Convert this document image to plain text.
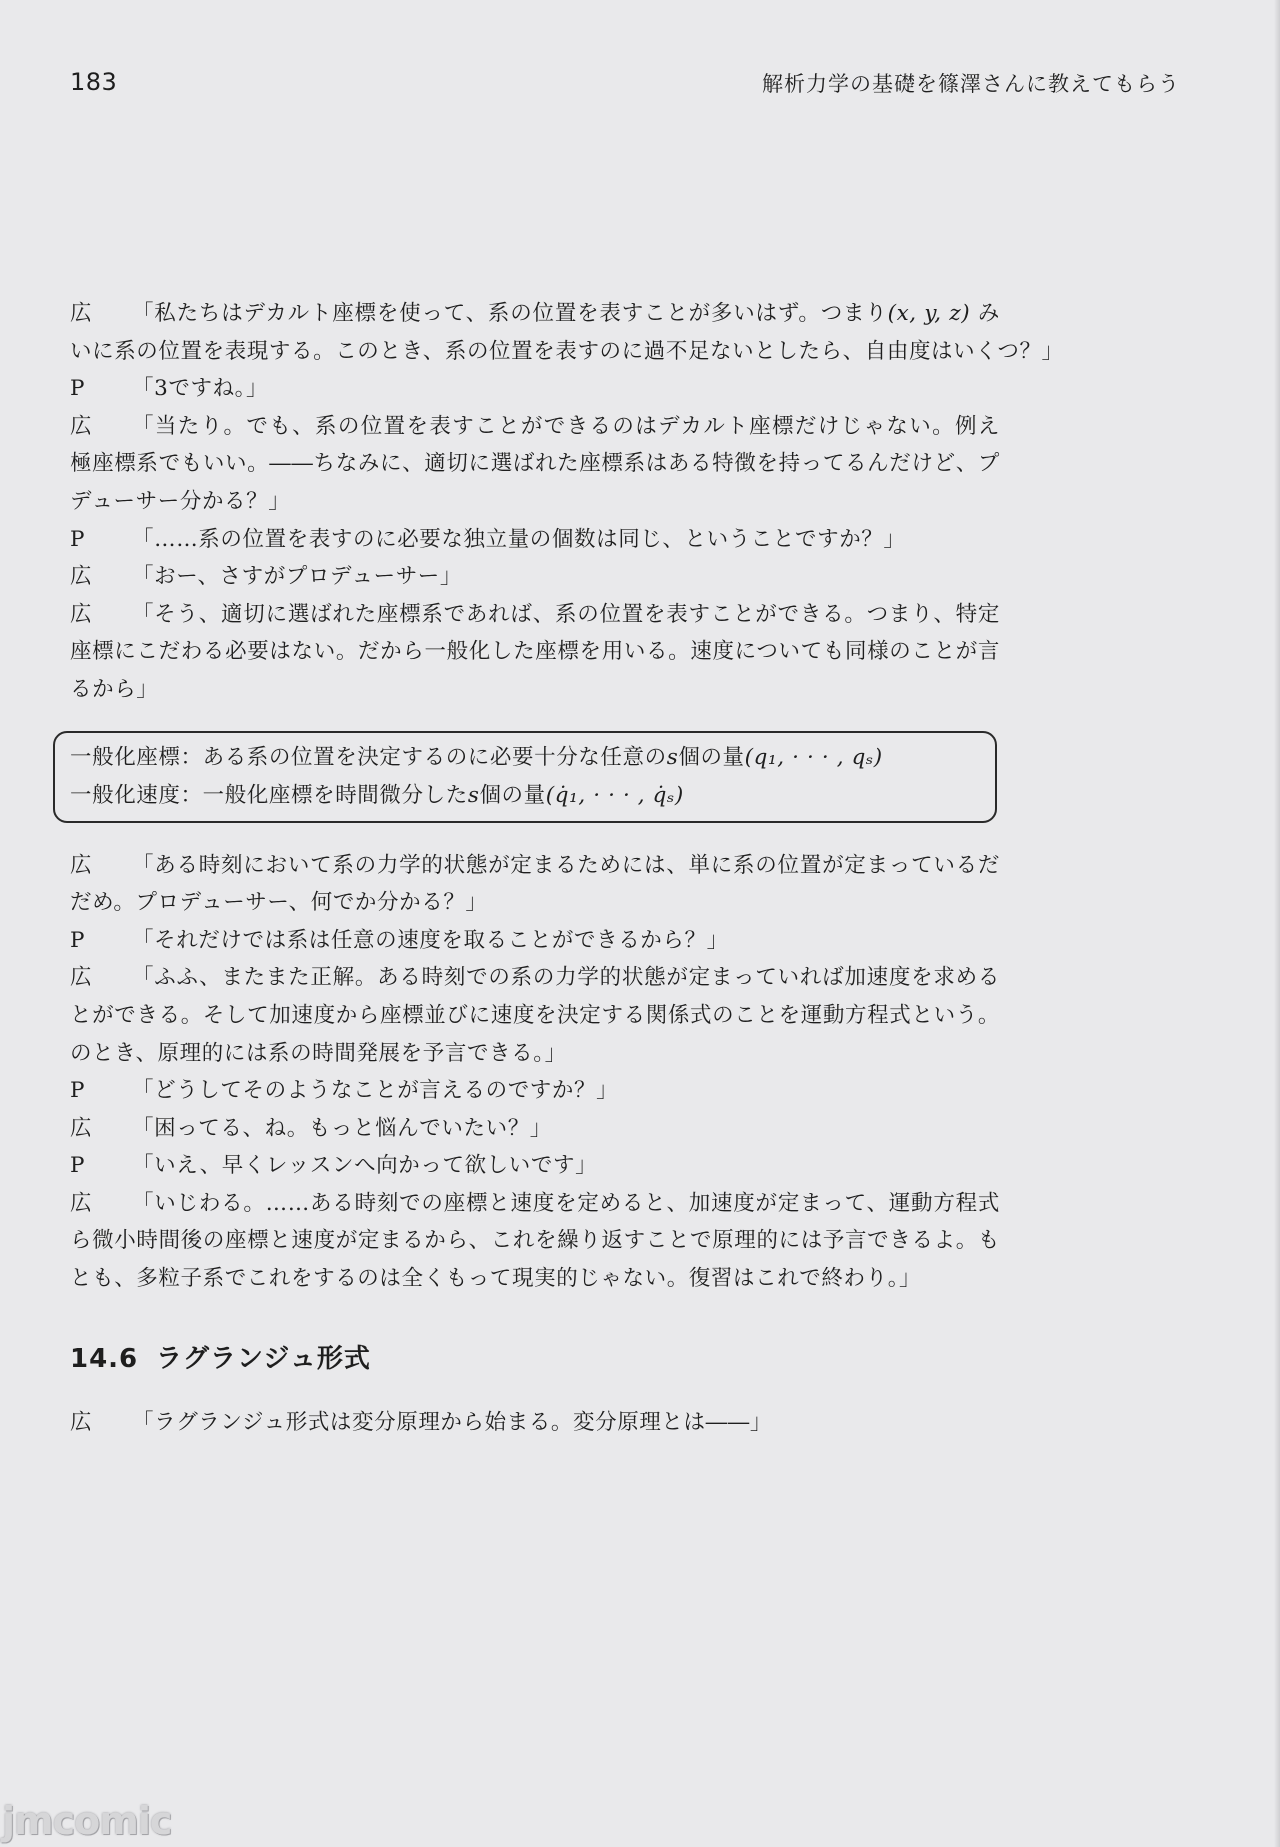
183	解析力学の基礎を篠澤さんに教えてもらう
広	「私たちはデカルト座標を使って、系の位置を表すことが多いはず。つまり(x, y, z) み
いに系の位置を表現する。このとき、系の位置を表すのに過不足ないとしたら、自由度はいくつ？」
P	「3ですね。」
広	「当たり。でも、系の位置を表すことができるのはデカルト座標だけじゃない。例え
極座標系でもいい。――ちなみに、適切に選ばれた座標系はある特徴を持ってるんだけど、プ
デューサー分かる？」
P	「……系の位置を表すのに必要な独立量の個数は同じ、ということですか？」
広	「おー、さすがプロデューサー」
広	「そう、適切に選ばれた座標系であれば、系の位置を表すことができる。つまり、特定
座標にこだわる必要はない。だから一般化した座標を用いる。速度についても同様のことが言
るから」
一般化座標：ある系の位置を決定するのに必要十分な任意のs個の量(q₁, · · · , qₛ)
一般化速度：一般化座標を時間微分したs個の量(q̇₁, · · · , q̇ₛ)
広	「ある時刻において系の力学的状態が定まるためには、単に系の位置が定まっているだ
だめ。プロデューサー、何でか分かる？」
P	「それだけでは系は任意の速度を取ることができるから？」
広	「ふふ、またまた正解。ある時刻での系の力学的状態が定まっていれば加速度を求める
とができる。そして加速度から座標並びに速度を決定する関係式のことを運動方程式という。
のとき、原理的には系の時間発展を予言できる。」
P	「どうしてそのようなことが言えるのですか？」
広	「困ってる、ね。もっと悩んでいたい？」
P	「いえ、早くレッスンへ向かって欲しいです」
広	「いじわる。……ある時刻での座標と速度を定めると、加速度が定まって、運動方程式
ら微小時間後の座標と速度が定まるから、これを繰り返すことで原理的には予言できるよ。も
とも、多粒子系でこれをするのは全くもって現実的じゃない。復習はこれで終わり。」
14.6 ラグランジュ形式
広	「ラグランジュ形式は変分原理から始まる。変分原理とは――」
jmcomic
